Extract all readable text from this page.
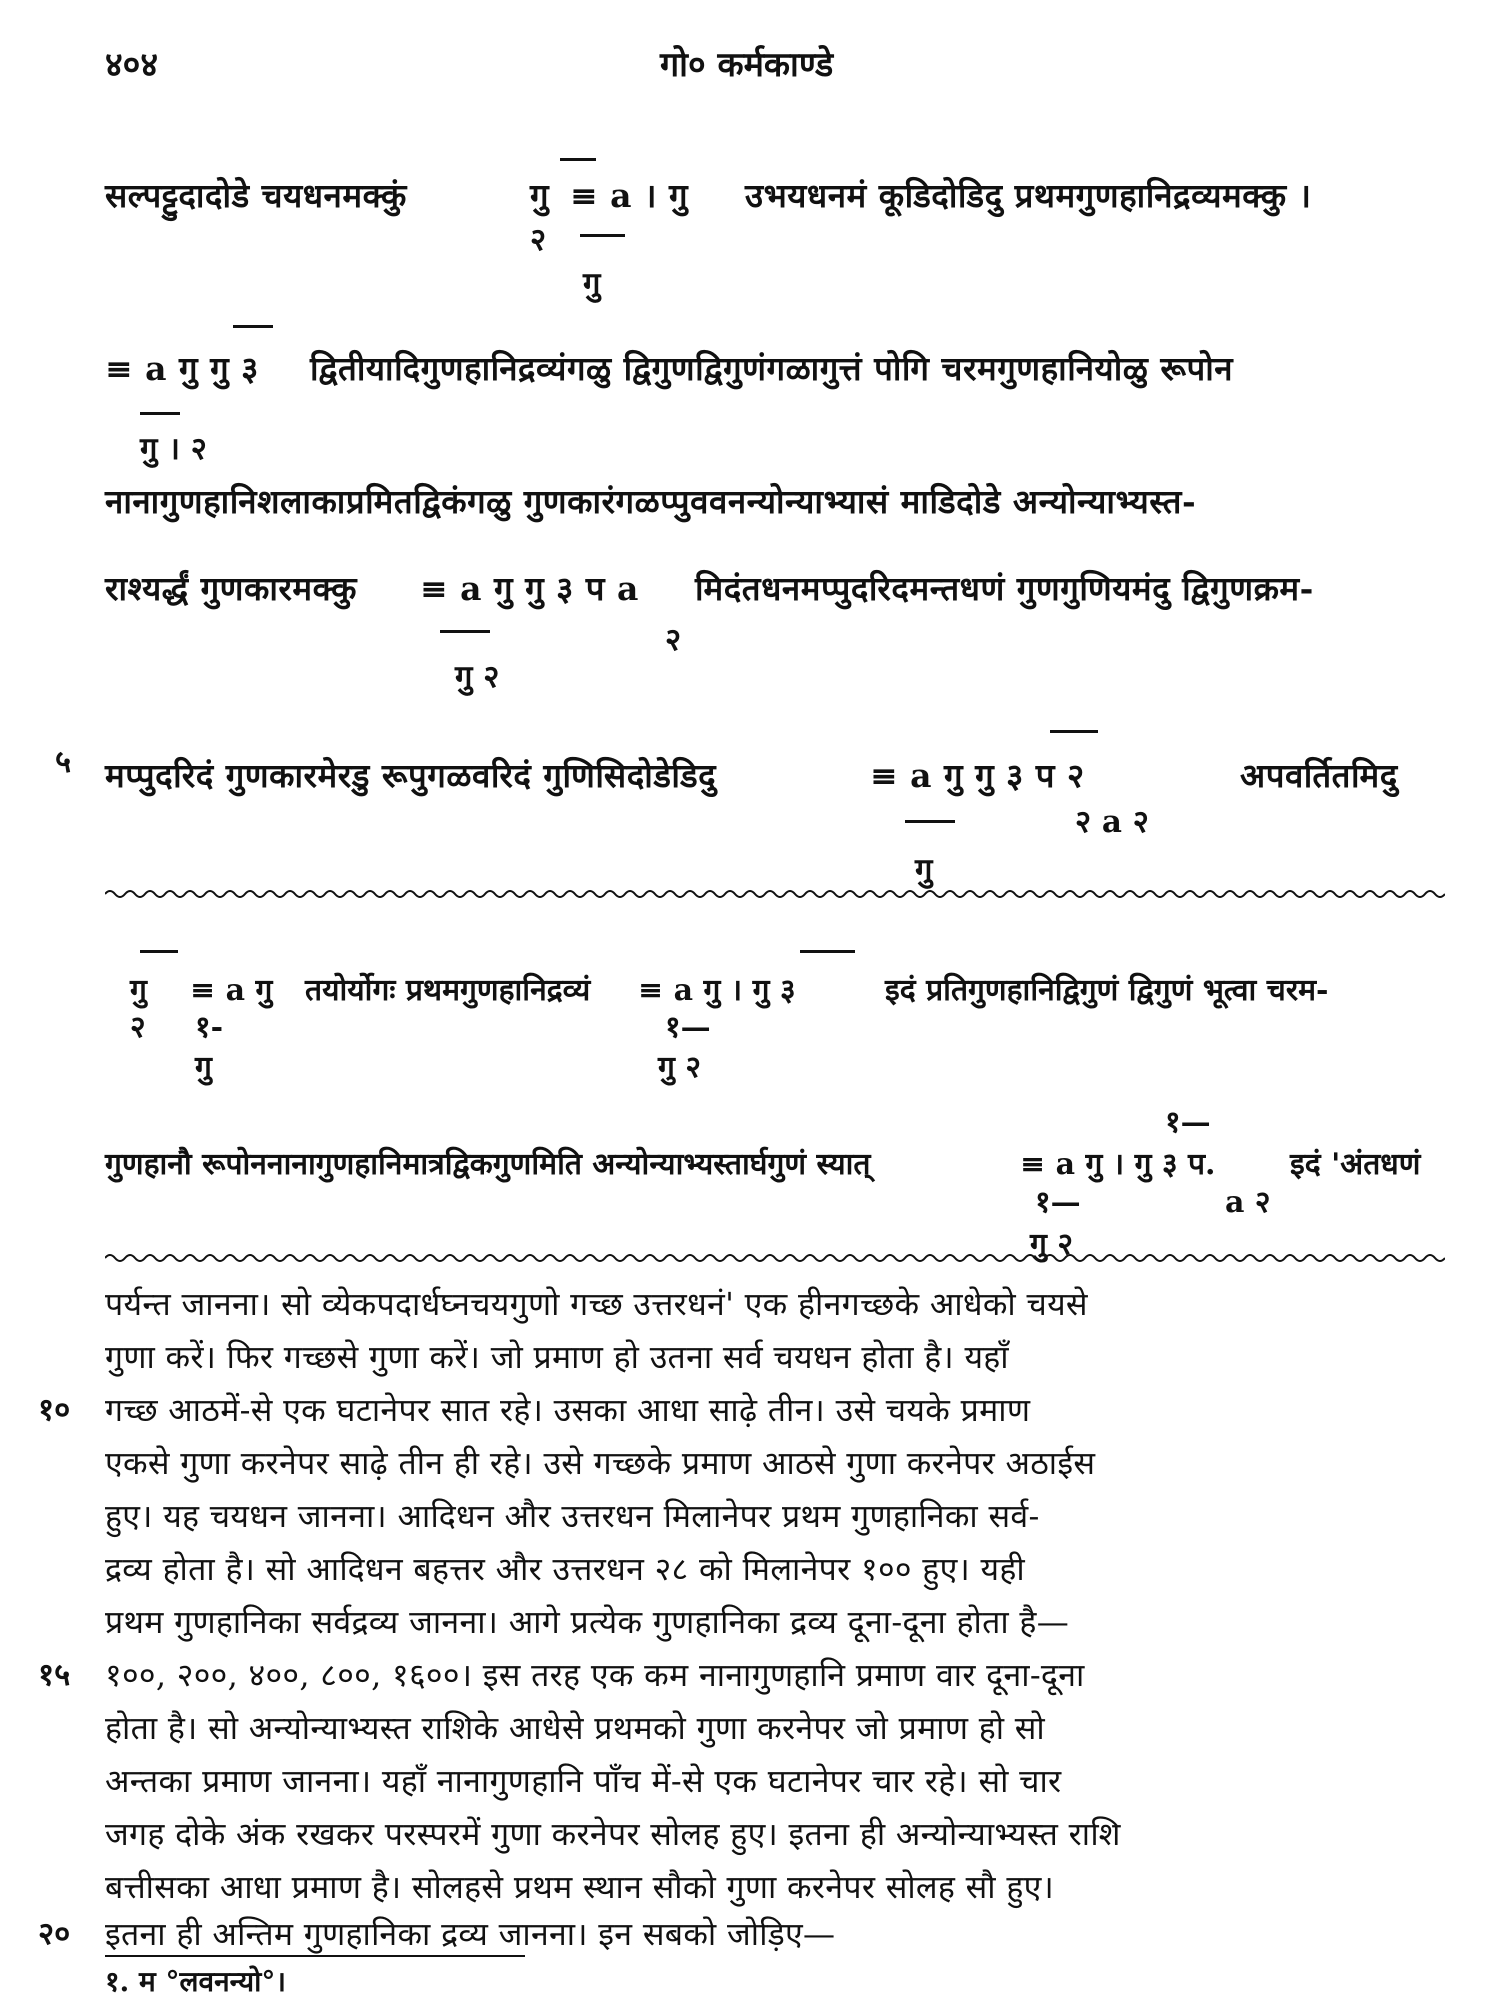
४०४	गो० कर्मकाण्डे
सल्पट्टुदादोडे चयधनमक्कुं	गु
२
≡ a । गु
गु
उभयधनमं कूडिदोडिदु प्रथमगुणहानिद्रव्यमक्कु ।
≡ a गु गु ३ द्वितीयादिगुणहानिद्रव्यंगळु द्विगुणद्विगुणंगळागुत्तं पोगि चरमगुणहानियोळु रूपोन
गु । २
नानागुणहानिशलाकाप्रमितद्विकंगळु गुणकारंगळप्पुववनन्योन्याभ्यासं माडिदोडे अन्योन्याभ्यस्त-
राश्यर्द्धं गुणकारमक्कु ≡ a गु गु ३ प a
गु २
२
मिदंतधनमप्पुदरिदमन्तधणं गुणगुणियमंदु द्विगुणक्रम-
५ मप्पुदरिदं गुणकारमेरडु रूपुगळवरिदं गुणिसिदोडेडिदु	≡ a गु गु ३ प २
२ a २
गु
अपवर्तितमिदु
गु
२
≡ a गु
१-
गु
तयोर्योगः प्रथमगुणहानिद्रव्यं ≡ a गु । गु ३
१—
गु २
इदं प्रतिगुणहानिद्विगुणं द्विगुणं भूत्वा चरम-
१—
गुणहानौ रूपोननानागुणहानिमात्रद्विकगुणमिति अन्योन्याभ्यस्तार्घगुणं स्यात्	≡ a गु । गु ३ प.
१—
गु २
a २
इदं 'अंतधणं
पर्यन्त जानना। सो व्येकपदार्धघ्नचयगुणो गच्छ उत्तरधनं' एक हीनगच्छके आधेको चयसे
गुणा करें। फिर गच्छसे गुणा करें। जो प्रमाण हो उतना सर्व चयधन होता है। यहाँ
१० गच्छ आठमें-से एक घटानेपर सात रहे। उसका आधा साढ़े तीन। उसे चयके प्रमाण
एकसे गुणा करनेपर साढ़े तीन ही रहे। उसे गच्छके प्रमाण आठसे गुणा करनेपर अठाईस
हुए। यह चयधन जानना। आदिधन और उत्तरधन मिलानेपर प्रथम गुणहानिका सर्व-
द्रव्य होता है। सो आदिधन बहत्तर और उत्तरधन २८ को मिलानेपर १०० हुए। यही
प्रथम गुणहानिका सर्वद्रव्य जानना। आगे प्रत्येक गुणहानिका द्रव्य दूना-दूना होता है—
१५ १००, २००, ४००, ८००, १६००। इस तरह एक कम नानागुणहानि प्रमाण वार दूना-दूना
होता है। सो अन्योन्याभ्यस्त राशिके आधेसे प्रथमको गुणा करनेपर जो प्रमाण हो सो
अन्तका प्रमाण जानना। यहाँ नानागुणहानि पाँच में-से एक घटानेपर चार रहे। सो चार
जगह दोके अंक रखकर परस्परमें गुणा करनेपर सोलह हुए। इतना ही अन्योन्याभ्यस्त राशि
बत्तीसका आधा प्रमाण है। सोलहसे प्रथम स्थान सौको गुणा करनेपर सोलह सौ हुए।
२० इतना ही अन्तिम गुणहानिका द्रव्य जानना। इन सबको जोड़िए—
१. म °लवनन्यो°।
